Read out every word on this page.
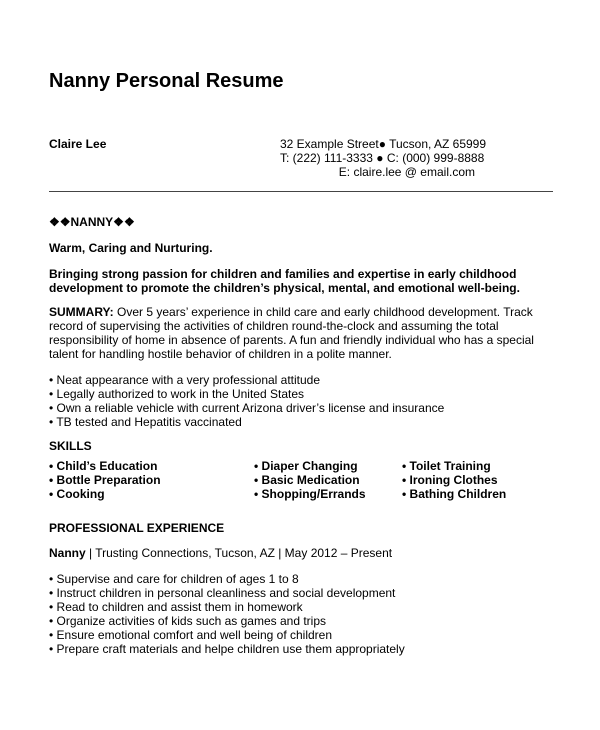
Nanny Personal Resume
Claire Lee	32 Example Street● Tucson, AZ 65999
T: (222) 111-3333 ● C: (000) 999-8888
E: claire.lee @ email.com
❖❖NANNY❖❖
Warm, Caring and Nurturing.
Bringing strong passion for children and families and expertise in early childhood development to promote the children’s physical, mental, and emotional well-being.
SUMMARY: Over 5 years’ experience in child care and early childhood development. Track record of supervising the activities of children round-the-clock and assuming the total responsibility of home in absence of parents. A fun and friendly individual who has a special talent for handling hostile behavior of children in a polite manner.
• Neat appearance with a very professional attitude
• Legally authorized to work in the United States
• Own a reliable vehicle with current Arizona driver’s license and insurance
• TB tested and Hepatitis vaccinated
SKILLS
• Child’s Education
• Bottle Preparation
• Cooking
• Diaper Changing
• Basic Medication
• Shopping/Errands
• Toilet Training
• Ironing Clothes
• Bathing Children
PROFESSIONAL EXPERIENCE
Nanny | Trusting Connections, Tucson, AZ | May 2012 – Present
• Supervise and care for children of ages 1 to 8
• Instruct children in personal cleanliness and social development
• Read to children and assist them in homework
• Organize activities of kids such as games and trips
• Ensure emotional comfort and well being of children
• Prepare craft materials and helpe children use them appropriately
